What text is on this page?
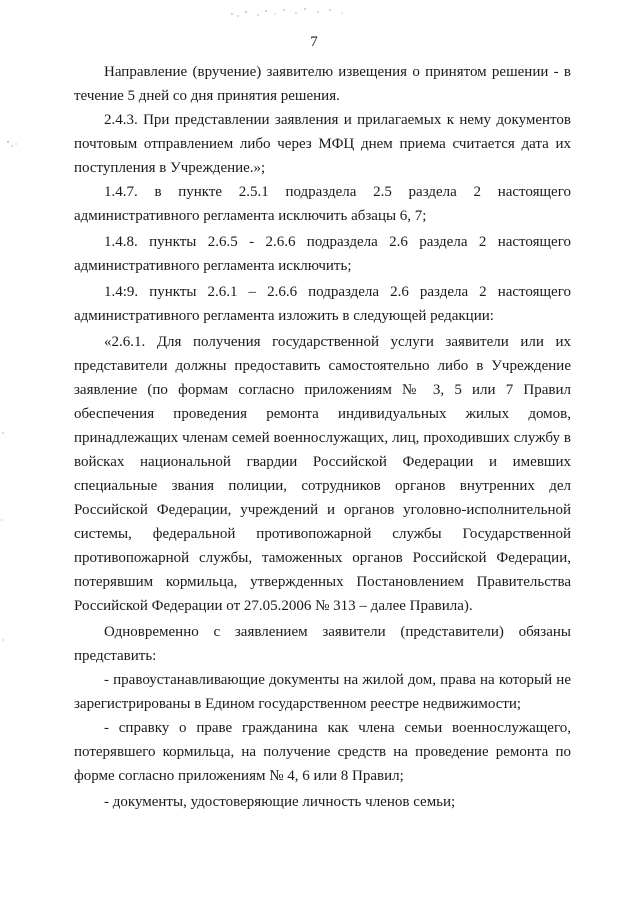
7

Направление (вручение) заявителю извещения о принятом решении - в течение 5 дней со дня принятия решения.

2.4.3. При представлении заявления и прилагаемых к нему документов почтовым отправлением либо через МФЦ днем приема считается дата их поступления в Учреждение.»;

1.4.7. в пункте 2.5.1 подраздела 2.5 раздела 2 настоящего административного регламента исключить абзацы 6, 7;

1.4.8. пункты 2.6.5 - 2.6.6 подраздела 2.6 раздела 2 настоящего административного регламента исключить;

1.4:9. пункты 2.6.1 – 2.6.6 подраздела 2.6 раздела 2 настоящего административного регламента изложить в следующей редакции:

«2.6.1. Для получения государственной услуги заявители или их представители должны предоставить самостоятельно либо в Учреждение заявление (по формам согласно приложениям № 3, 5 или 7 Правил обеспечения проведения ремонта индивидуальных жилых домов, принадлежащих членам семей военнослужащих, лиц, проходивших службу в войсках национальной гвардии Российской Федерации и имевших специальные звания полиции, сотрудников органов внутренних дел Российской Федерации, учреждений и органов уголовно-исполнительной системы, федеральной противопожарной службы Государственной противопожарной службы, таможенных органов Российской Федерации, потерявшим кормильца, утвержденных Постановлением Правительства Российской Федерации от 27.05.2006 № 313 – далее Правила).

Одновременно с заявлением заявители (представители) обязаны представить:

- правоустанавливающие документы на жилой дом, права на который не зарегистрированы в Едином государственном реестре недвижимости;

- справку о праве гражданина как члена семьи военнослужащего, потерявшего кормильца, на получение средств на проведение ремонта по форме согласно приложениям № 4, 6 или 8 Правил;

- документы, удостоверяющие личность членов семьи;
